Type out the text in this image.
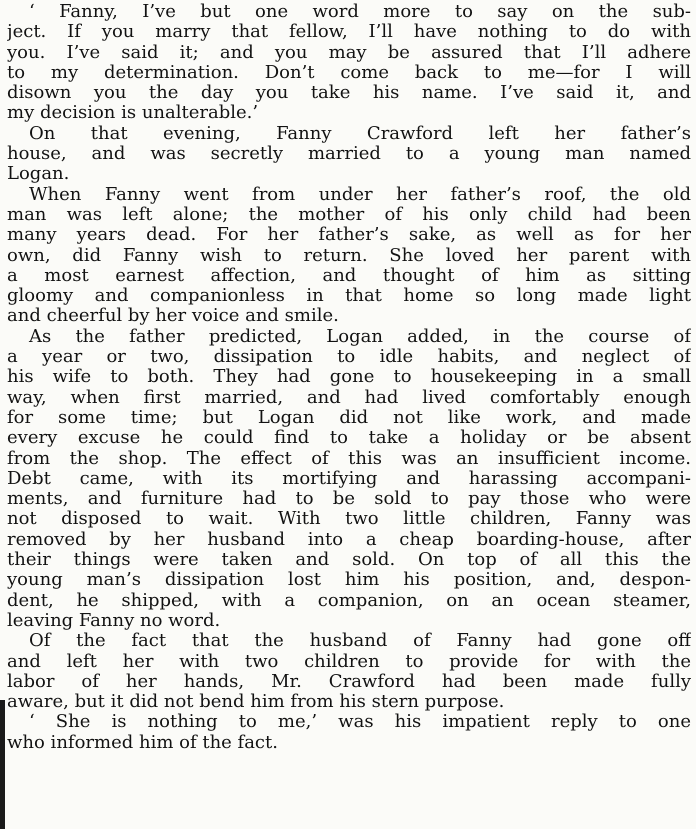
‘ Fanny, I’ve but one word more to say on the sub-
ject. If you marry that fellow, I’ll have nothing to do with
you. I’ve said it; and you may be assured that I’ll adhere
to my determination. Don’t come back to me—for I will
disown you the day you take his name. I’ve said it, and
my decision is unalterable.’
On that evening, Fanny Crawford left her father’s
house, and was secretly married to a young man named
Logan.
When Fanny went from under her father’s roof, the old
man was left alone; the mother of his only child had been
many years dead. For her father’s sake, as well as for her
own, did Fanny wish to return. She loved her parent with
a most earnest affection, and thought of him as sitting
gloomy and companionless in that home so long made light
and cheerful by her voice and smile.
As the father predicted, Logan added, in the course of
a year or two, dissipation to idle habits, and neglect of
his wife to both. They had gone to housekeeping in a small
way, when first married, and had lived comfortably enough
for some time; but Logan did not like work, and made
every excuse he could find to take a holiday or be absent
from the shop. The effect of this was an insufficient income.
Debt came, with its mortifying and harassing accompani-
ments, and furniture had to be sold to pay those who were
not disposed to wait. With two little children, Fanny was
removed by her husband into a cheap boarding-house, after
their things were taken and sold. On top of all this the
young man’s dissipation lost him his position, and, despon-
dent, he shipped, with a companion, on an ocean steamer,
leaving Fanny no word.
Of the fact that the husband of Fanny had gone off
and left her with two children to provide for with the
labor of her hands, Mr. Crawford had been made fully
aware, but it did not bend him from his stern purpose.
‘ She is nothing to me,’ was his impatient reply to one
who informed him of the fact.
